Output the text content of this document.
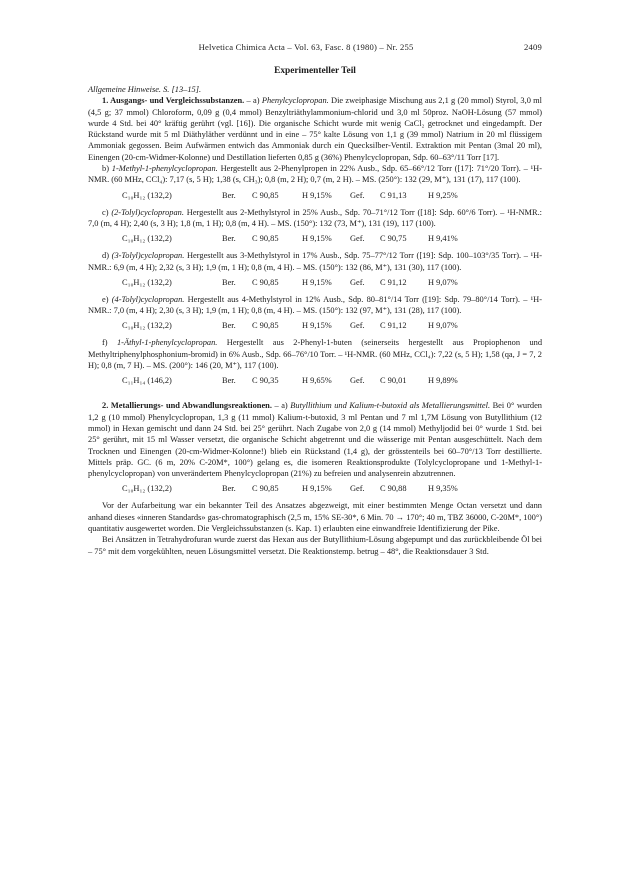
Helvetica Chimica Acta – Vol. 63, Fasc. 8 (1980) – Nr. 255	2409
Experimenteller Teil

Allgemeine Hinweise. S. [13–15].

1. Ausgangs- und Vergleichssubstanzen. – a) Phenylcyclopropan. Die zweiphasige Mischung aus 2,1 g (20 mmol) Styrol, 3,0 ml (4,5 g; 37 mmol) Chloroform, 0,09 g (0,4 mmol) Benzyltriäthylammonium-chlorid und 3,0 ml 50proz. NaOH-Lösung (57 mmol) wurde 4 Std. bei 40° kräftig gerührt (vgl. [16]). Die organische Schicht wurde mit wenig CaCl₂ getrocknet und eingedampft. Der Rückstand wurde mit 5 ml Diäthyläther verdünnt und in eine – 75° kalte Lösung von 1,1 g (39 mmol) Natrium in 20 ml flüssigem Ammoniak gegossen. Beim Aufwärmen entwich das Ammoniak durch ein Quecksilber-Ventil. Extraktion mit Pentan (3mal 20 ml), Einengen (20-cm-Widmer-Kolonne) und Destillation lieferten 0,85 g (36%) Phenylcyclopropan, Sdp. 60–63°/11 Torr [17].

b) 1-Methyl-1-phenylcyclopropan. Hergestellt aus 2-Phenylpropen in 22% Ausb., Sdp. 65–66°/12 Torr ([17]: 71°/20 Torr). – ¹H-NMR. (60 MHz, CCl₄): 7,17 (s, 5 H); 1,38 (s, CH₃); 0,8 (m, 2 H); 0,7 (m, 2 H). – MS. (250°): 132 (29, M⁺), 131 (17), 117 (100).

C₁₀H₁₂ (132,2)	Ber. C 90,85	H 9,15% Gef. C 91,13	H 9,25%

c) (2-Tolyl)cyclopropan. Hergestellt aus 2-Methylstyrol in 25% Ausb., Sdp. 70–71°/12 Torr ([18]: Sdp. 60°/6 Torr). – ¹H-NMR.: 7,0 (m, 4 H); 2,40 (s, 3 H); 1,8 (m, 1 H); 0,8 (m, 4 H). – MS. (150°): 132 (73, M⁺), 131 (19), 117 (100).

C₁₀H₁₂ (132,2)	Ber. C 90,85	H 9,15% Gef. C 90,75	H 9,41%

d) (3-Tolyl)cyclopropan. Hergestellt aus 3-Methylstyrol in 17% Ausb., Sdp. 75–77°/12 Torr ([19]: Sdp. 100–103°/35 Torr). – ¹H-NMR.: 6,9 (m, 4 H); 2,32 (s, 3 H); 1,9 (m, 1 H); 0,8 (m, 4 H). – MS. (150°): 132 (86, M⁺), 131 (30), 117 (100).

C₁₀H₁₂ (132,2)	Ber. C 90,85	H 9,15% Gef. C 91,12	H 9,07%

e) (4-Tolyl)cyclopropan. Hergestellt aus 4-Methylstyrol in 12% Ausb., Sdp. 80–81°/14 Torr ([19]: Sdp. 79–80°/14 Torr). – ¹H-NMR.: 7,0 (m, 4 H); 2,30 (s, 3 H); 1,9 (m, 1 H); 0,8 (m, 4 H). – MS. (150°): 132 (97, M⁺), 131 (28), 117 (100).

C₁₀H₁₂ (132,2)	Ber. C 90,85	H 9,15% Gef. C 91,12	H 9,07%

f) 1-Äthyl-1-phenylcyclopropan. Hergestellt aus 2-Phenyl-1-buten (seinerseits hergestellt aus Propiophenon und Methyltriphenylphosphonium-bromid) in 6% Ausb., Sdp. 66–76°/10 Torr. – ¹H-NMR. (60 MHz, CCl₄): 7,22 (s, 5 H); 1,58 (qa, J = 7, 2 H); 0,8 (m, 7 H). – MS. (200°): 146 (20, M⁺), 117 (100).

C₁₁H₁₄ (146,2)	Ber. C 90,35	H 9,65% Gef. C 90,01	H 9,89%

2. Metallierungs- und Abwandlungsreaktionen. – a) Butyllithium und Kalium-t-butoxid als Metallierungsmittel. Bei 0° wurden 1,2 g (10 mmol) Phenylcyclopropan, 1,3 g (11 mmol) Kalium-t-butoxid, 3 ml Pentan und 7 ml 1,7M Lösung von Butyllithium (12 mmol) in Hexan gemischt und dann 24 Std. bei 25° gerührt. Nach Zugabe von 2,0 g (14 mmol) Methyljodid bei 0° wurde 1 Std. bei 25° gerührt, mit 15 ml Wasser versetzt, die organische Schicht abgetrennt und die wässerige mit Pentan ausgeschüttelt. Nach dem Trocknen und Einengen (20-cm-Widmer-Kolonne!) blieb ein Rückstand (1,4 g), der grösstenteils bei 60–70°/13 Torr destillierte. Mittels präp. GC. (6 m, 20% C-20M*, 100°) gelang es, die isomeren Reaktionsprodukte (Tolylcyclopropane und 1-Methyl-1-phenylcyclopropan) von unverändertem Phenylcyclopropan (21%) zu befreien und analysenrein abzutrennen.

C₁₀H₁₂ (132,2)	Ber. C 90,85	H 9,15% Gef. C 90,88	H 9,35%

Vor der Aufarbeitung war ein bekannter Teil des Ansatzes abgezweigt, mit einer bestimmten Menge Octan versetzt und dann anhand dieses «inneren Standards» gas-chromatographisch (2,5 m, 15% SE-30*, 6 Min. 70 → 170°; 40 m, TBZ 36000, C-20M*, 100°) quantitativ ausgewertet worden. Die Vergleichssubstanzen (s. Kap. 1) erlaubten eine einwandfreie Identifizierung der Pike.

Bei Ansätzen in Tetrahydrofuran wurde zuerst das Hexan aus der Butyllithium-Lösung abgepumpt und das zurückbleibende Öl bei – 75° mit dem vorgekühlten, neuen Lösungsmittel versetzt. Die Reaktionstemp. betrug – 48°, die Reaktionsdauer 3 Std.
